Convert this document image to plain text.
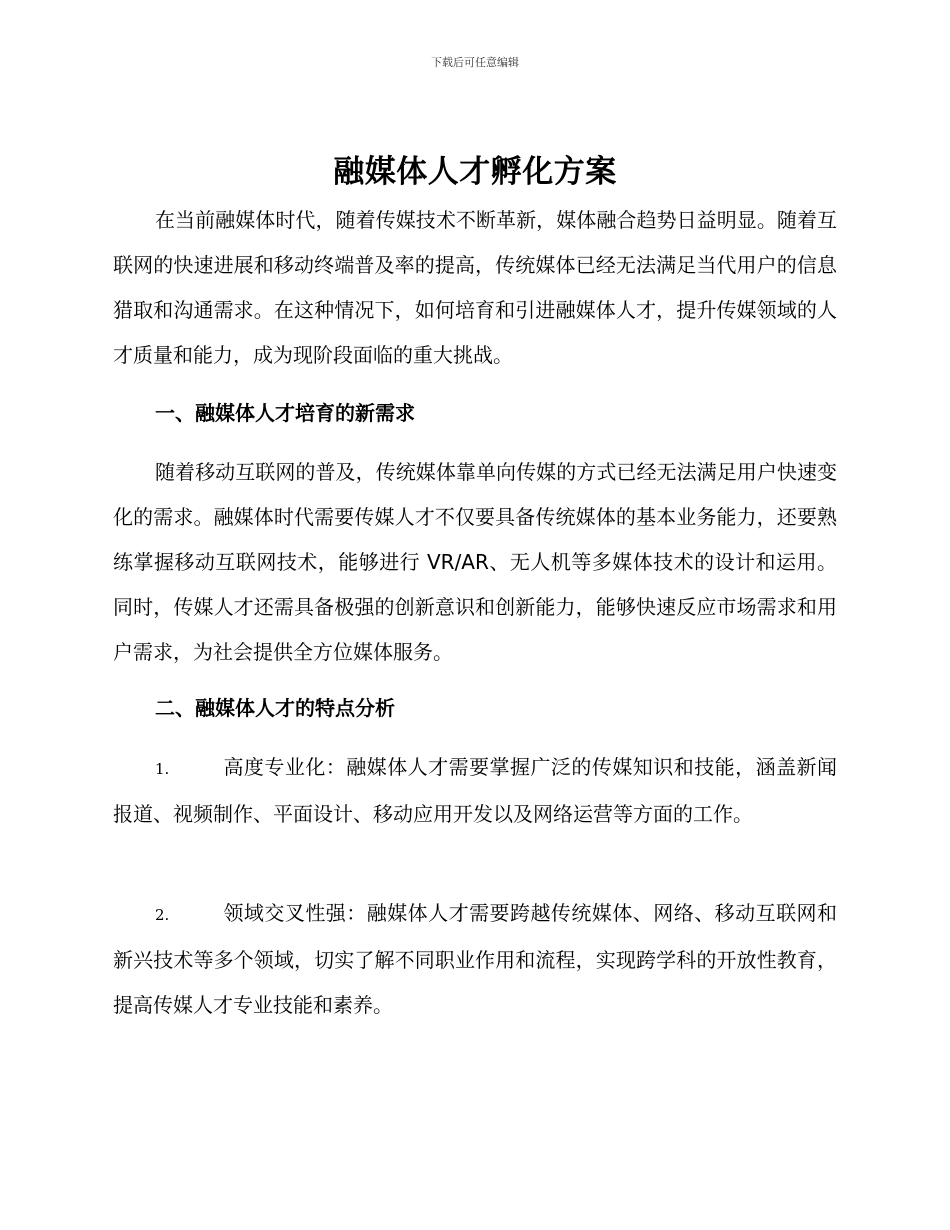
下载后可任意编辑
融媒体人才孵化方案

在当前融媒体时代，随着传媒技术不断革新，媒体融合趋势日益明显。随着互联网的快速进展和移动终端普及率的提高，传统媒体已经无法满足当代用户的信息猎取和沟通需求。在这种情况下，如何培育和引进融媒体人才，提升传媒领域的人才质量和能力，成为现阶段面临的重大挑战。

一、融媒体人才培育的新需求

随着移动互联网的普及，传统媒体靠单向传媒的方式已经无法满足用户快速变化的需求。融媒体时代需要传媒人才不仅要具备传统媒体的基本业务能力，还要熟练掌握移动互联网技术，能够进行 VR/AR、无人机等多媒体技术的设计和运用。同时，传媒人才还需具备极强的创新意识和创新能力，能够快速反应市场需求和用户需求，为社会提供全方位媒体服务。

二、融媒体人才的特点分析

1.	高度专业化：融媒体人才需要掌握广泛的传媒知识和技能，涵盖新闻报道、视频制作、平面设计、移动应用开发以及网络运营等方面的工作。

2.	领域交叉性强：融媒体人才需要跨越传统媒体、网络、移动互联网和新兴技术等多个领域，切实了解不同职业作用和流程，实现跨学科的开放性教育，提高传媒人才专业技能和素养。
